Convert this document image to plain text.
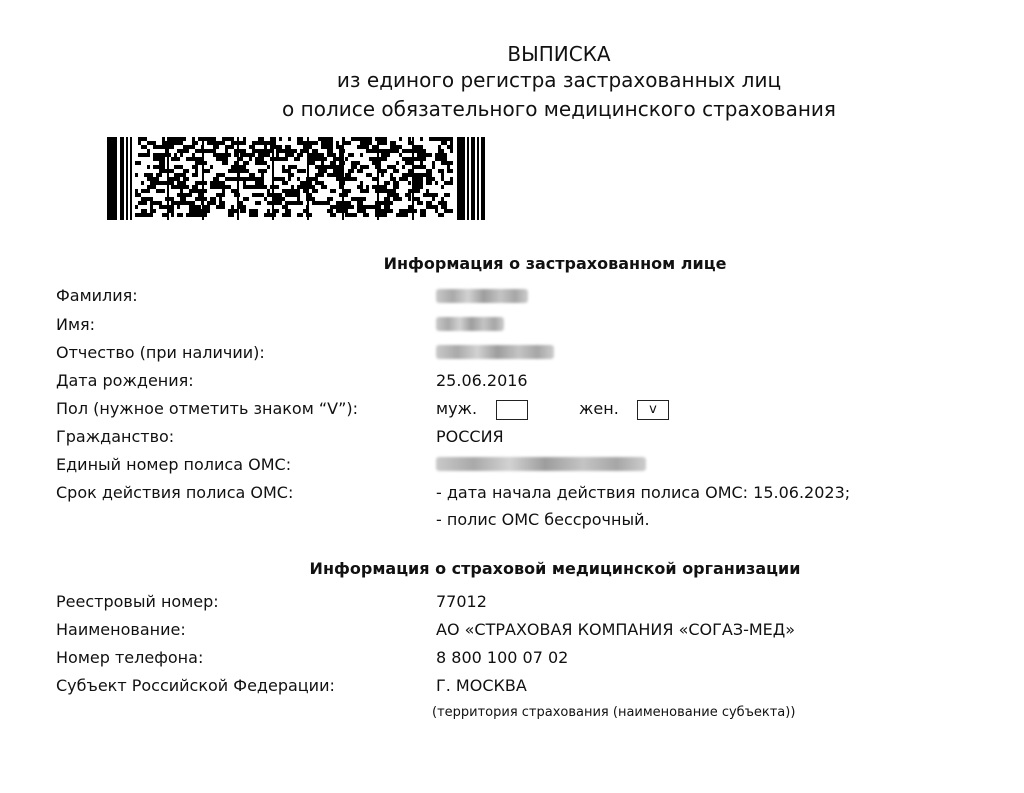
ВЫПИСКА
из единого регистра застрахованных лиц
о полисе обязательного медицинского страхования
Информация о застрахованном лице
Фамилия:
Имя:
Отчество (при наличии):
Дата рождения:	25.06.2016
Пол (нужное отметить знаком “V”):	муж.	жен.	v
Гражданство:	РОССИЯ
Единый номер полиса ОМС:
Срок действия полиса ОМС:	- дата начала действия полиса ОМС: 15.06.2023;
- полис ОМС бессрочный.
Информация о страховой медицинской организации
Реестровый номер:	77012
Наименование:	АО «СТРАХОВАЯ КОМПАНИЯ «СОГАЗ-МЕД»
Номер телефона:	8 800 100 07 02
Субъект Российской Федерации:	Г. МОСКВА
(территория страхования (наименование субъекта))
